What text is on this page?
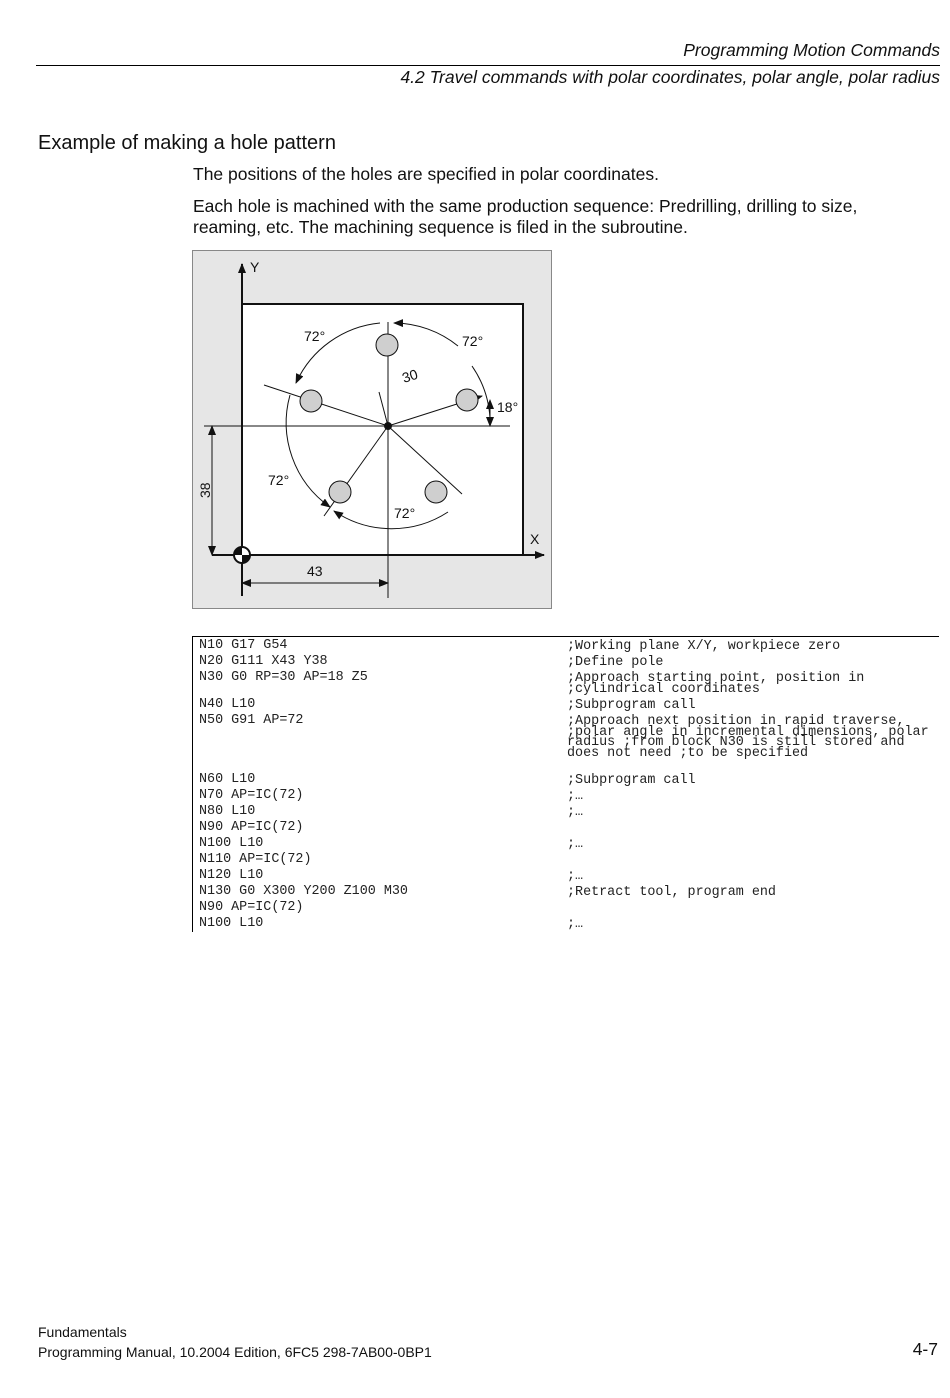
Programming Motion Commands
4.2 Travel commands with polar coordinates, polar angle, polar radius
Example of making a hole pattern
The positions of the holes are specified in polar coordinates.
Each hole is machined with the same production sequence: Predrilling, drilling to size, reaming, etc. The machining sequence is filed in the subroutine.
Y
X
43
38
30
18°
72°	72°
72°
72°
N10 G17 G54	;Working plane X/Y, workpiece zero
N20 G111 X43 Y38	;Define pole
N30 G0 RP=30 AP=18 Z5	;Approach starting point, position in ;cylindrical coordinates
N40 L10	;Subprogram call
N50 G91 AP=72	;Approach next position in rapid traverse, ;polar angle in incremental dimensions, polar radius ;from block N30 is still stored and does not need ;to be specified
N60 L10	;Subprogram call
N70 AP=IC(72)	;…
N80 L10	;…
N90 AP=IC(72)
N100 L10	;…
N110 AP=IC(72)
N120 L10	;…
N130 G0 X300 Y200 Z100 M30	;Retract tool, program end
N90 AP=IC(72)
N100 L10	;…
Fundamentals
Programming Manual, 10.2004 Edition, 6FC5 298-7AB00-0BP1	4-7
